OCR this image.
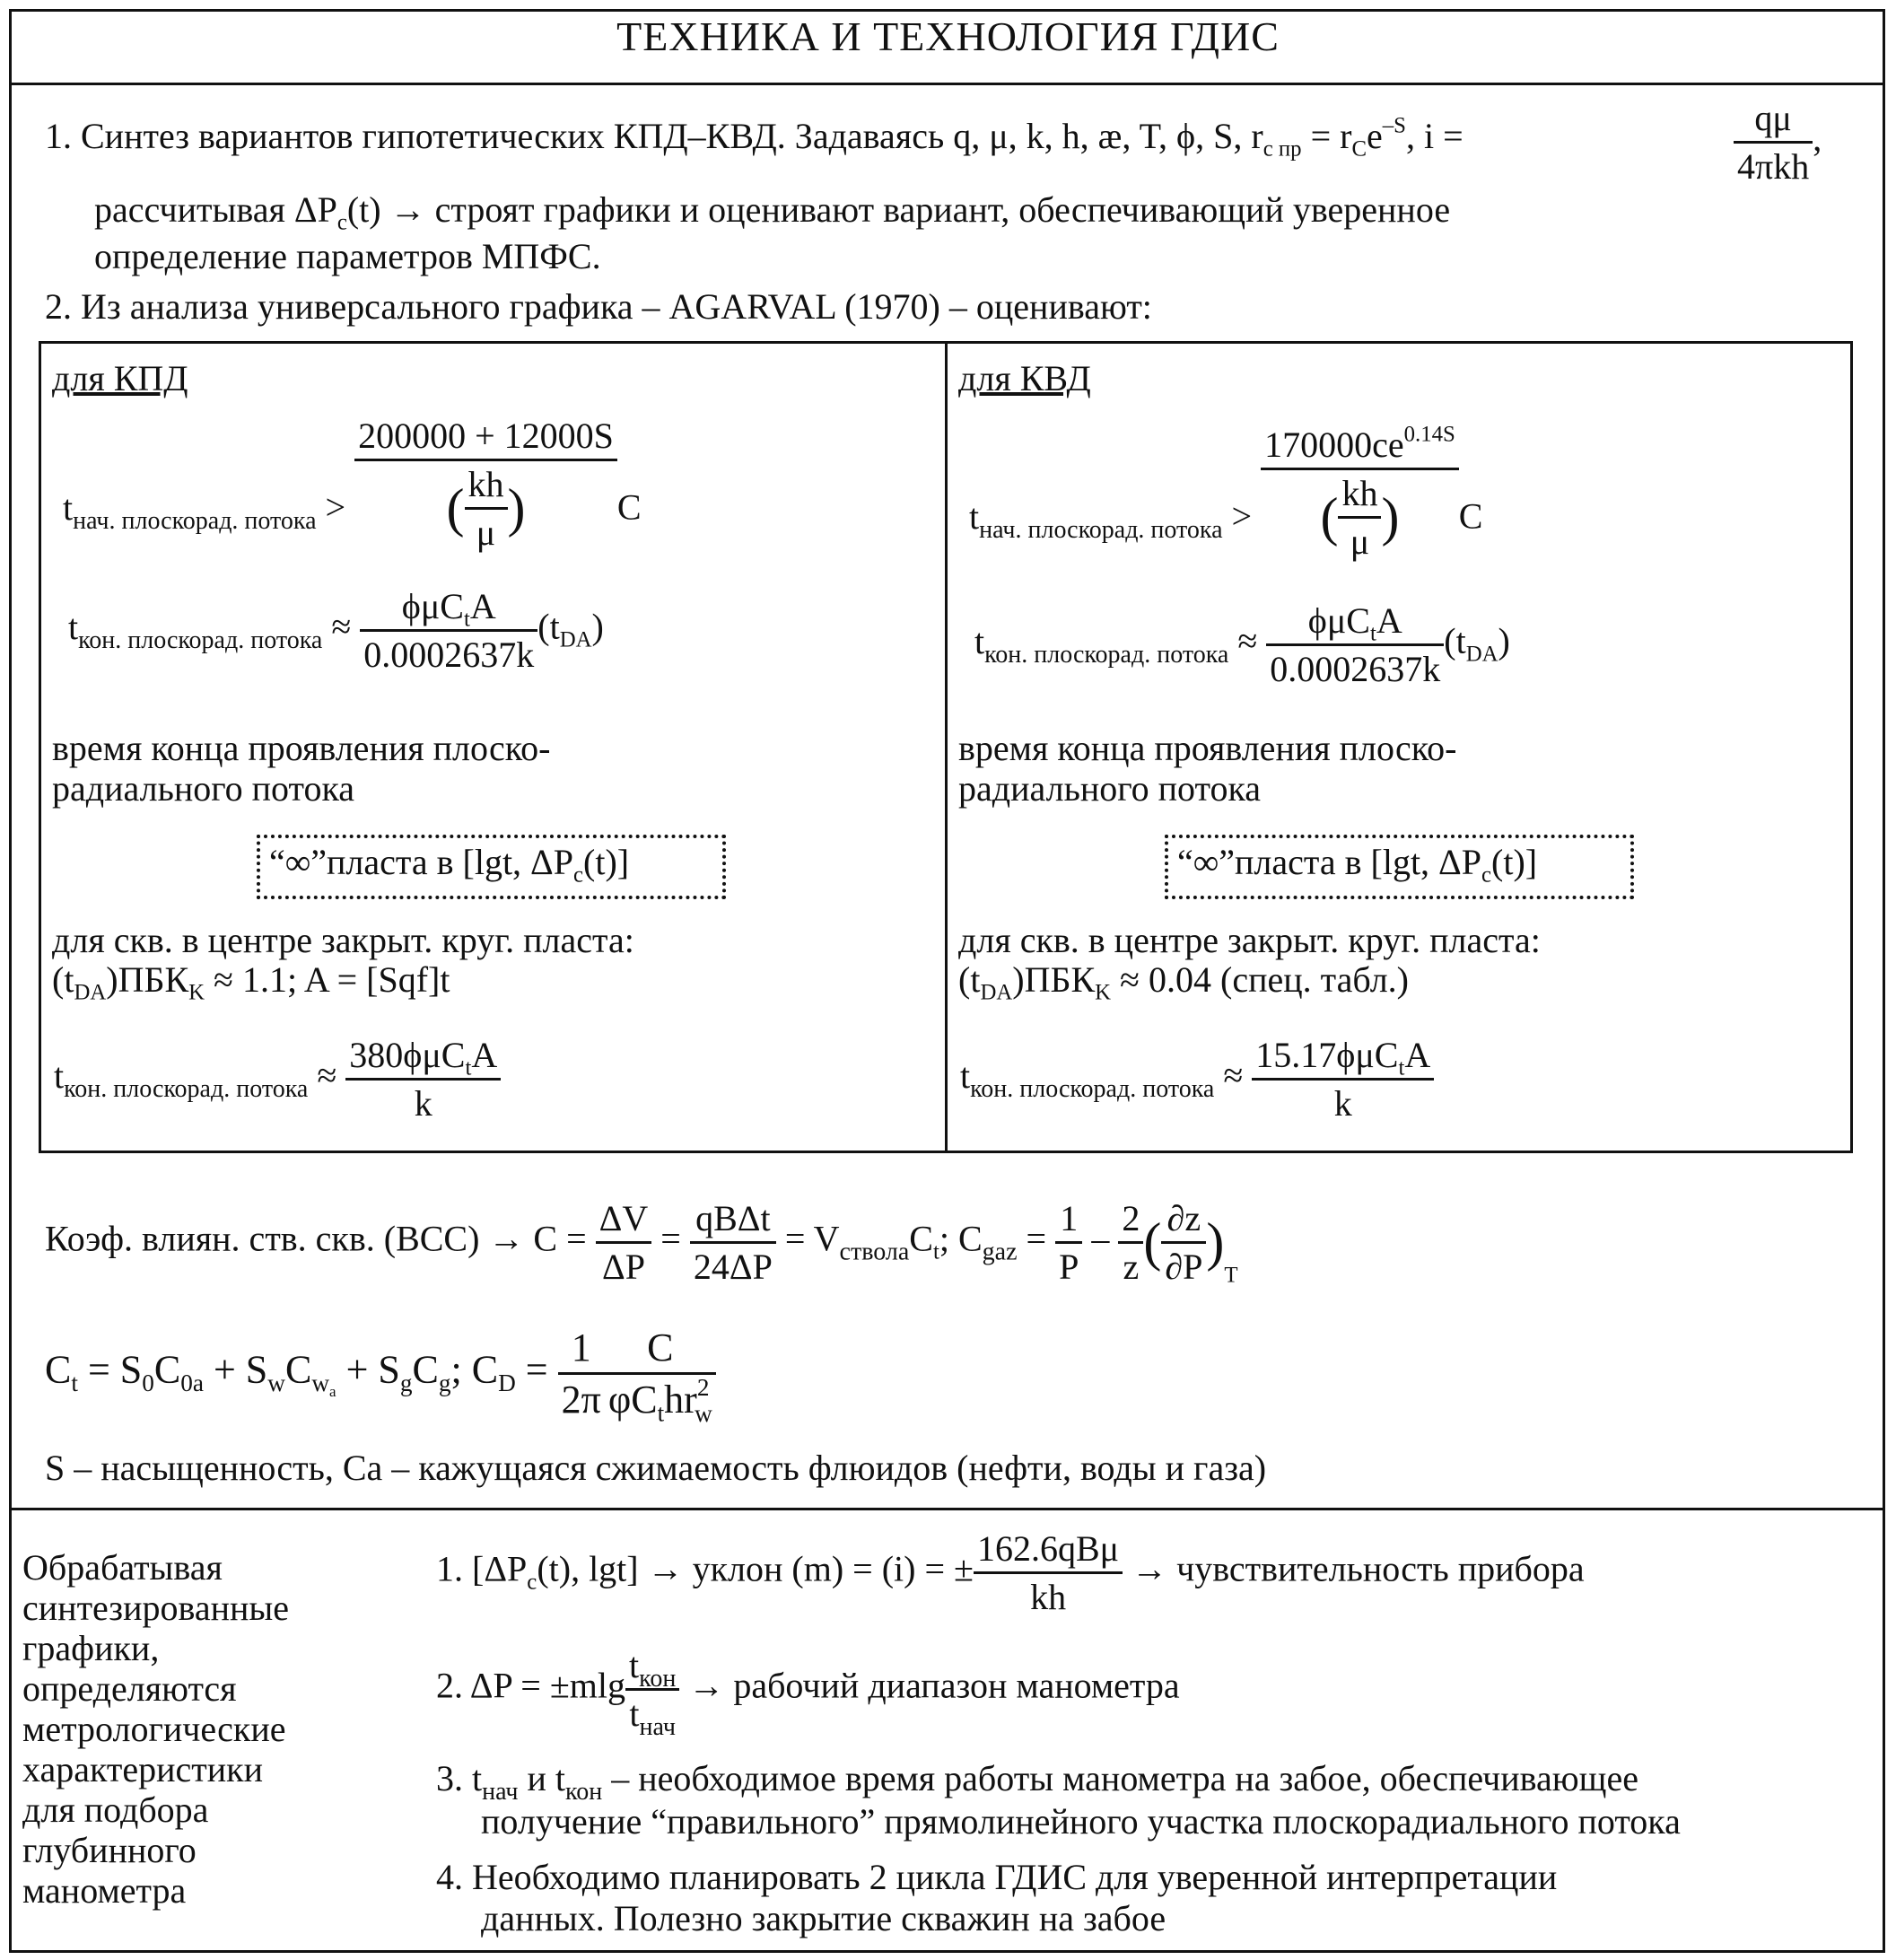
ТЕХНИКА И ТЕХНОЛОГИЯ ГДИС
1. Синтез вариантов гипотетических КПД–КВД. Задаваясь q, μ, k, h, æ, T, ϕ, S, $r_{с пр} = r_Ce^{-S}$, i =	$\frac{q\mu}{\text{4πkh}}$ ,
рассчитывая $\Delta P_c(t)$ → строят графики и оценивают вариант, обеспечивающий уверенное
определение параметров МПФС.
2. Из анализа универсального графика – AGARVAL (1970) – оценивают:
для КПД
$t_{нач. плоскорад. потока} > \frac{200000 + 12000S}{( \frac{kh}{\mu} )}$ C
$t_{кон. плоскорад. потока} \approx \frac{\phi\mu C_tA}{0.0002637k} (t_{DA})$
время конца проявления плоско-
радиального потока
“∞”пласта в [lgt, $\Delta P_c(t)$]
для скв. в центре закрыт. круг. пласта:
$(t_{DA})ПБК_K \approx 1.1$; A = [Sqf]t
$t_{кон. плоскорад. потока} \approx \frac{380\phi\mu C_tA}{k}$
для КВД
$t_{нач. плоскорад. потока} > \frac{170000ce^{0.14S}}{( \frac{kh}{\mu} )}$ C
$t_{кон. плоскорад. потока} \approx \frac{\phi\mu C_tA}{0.0002637k} (t_{DA})$
время конца проявления плоско-
радиального потока
“∞”пласта в [lgt, $\Delta P_c(t)$]
для скв. в центре закрыт. круг. пласта:
$(t_{DA})ПБК_K \approx 0.04$ (спец. табл.)
$t_{кон. плоскорад. потока} \approx \frac{15.17\phi\mu C_tA}{k}$
Коэф. влиян. ств. скв. $(ВСС) \to C = \frac{\Delta V}{\Delta P} = \frac{\text{qBΔt}}{24\Delta P} = V_{ствола}C_t$; $C_{gaz} = \frac{1}{P} - \frac{2}{z}$ ( $\frac{\partial z}{\partial P} )_T$
$C_t = S_0C_{0a} + S_wC_{w_a} + S_gC_g$; $C_D = \frac{1}{2\pi} \frac{C}{\varphi C_thr^2_w}$
S – насыщенность, Ca – кажущаяся сжимаемость флюидов (нефти, воды и газа)
Обрабатывая
синтезированные
графики,
определяются
метрологические
характеристики
для подбора
глубинного
манометра
1. [$\Delta P_c(t)$, lgt] → уклон (m) = (i) = ± $\frac{\text{162.6qBμ}}{kh}$ → чувствительность прибора
2. $\Delta P = \pm mlg \frac{t_{кон}}{t_{нач}}$ → рабочий диапазон манометра
3. $t_{нач}$ и $t_{кон}$ – необходимое время работы манометра на забое, обеспечивающее
получение “правильного” прямолинейного участка плоскорадиального потока
4. Необходимо планировать 2 цикла ГДИС для уверенной интерпретации
данных. Полезно закрытие скважин на забое
